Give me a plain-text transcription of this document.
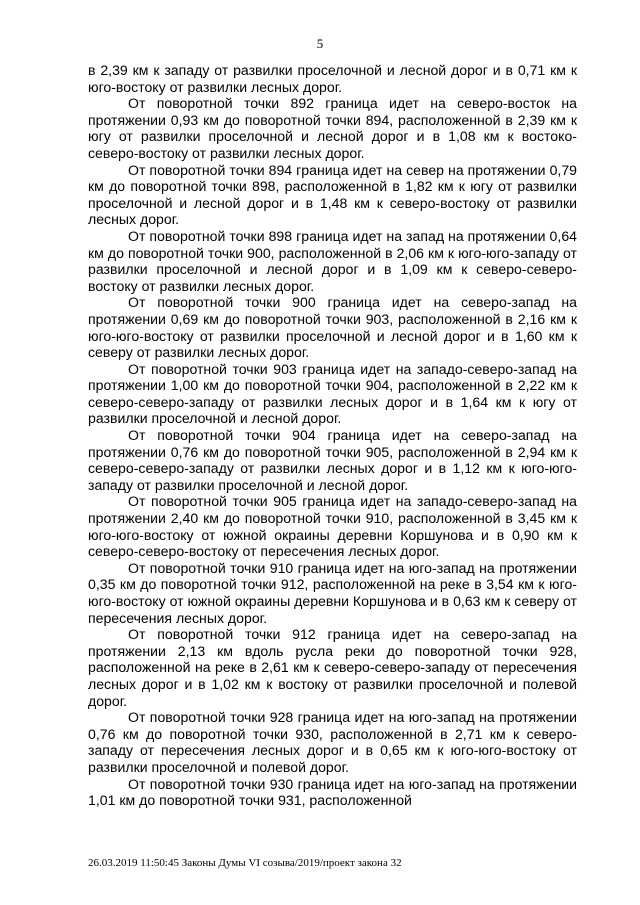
5

в 2,39 км к западу от развилки проселочной и лесной дорог и в 0,71 км к юго-востоку от развилки лесных дорог.

От поворотной точки 892 граница идет на северо-восток на протяжении 0,93 км до поворотной точки 894, расположенной в 2,39 км к югу от развилки проселочной и лесной дорог и в 1,08 км к востоко-северо-востоку от развилки лесных дорог.

От поворотной точки 894 граница идет на север на протяжении 0,79 км до поворотной точки 898, расположенной в 1,82 км к югу от развилки проселочной и лесной дорог и в 1,48 км к северо-востоку от развилки лесных дорог.

От поворотной точки 898 граница идет на запад на протяжении 0,64 км до поворотной точки 900, расположенной в 2,06 км к юго-юго-западу от развилки проселочной и лесной дорог и в 1,09 км к северо-северо-востоку от развилки лесных дорог.

От поворотной точки 900 граница идет на северо-запад на протяжении 0,69 км до поворотной точки 903, расположенной в 2,16 км к юго-юго-востоку от развилки проселочной и лесной дорог и в 1,60 км к северу от развилки лесных дорог.

От поворотной точки 903 граница идет на западо-северо-запад на протяжении 1,00 км до поворотной точки 904, расположенной в 2,22 км к северо-северо-западу от развилки лесных дорог и в 1,64 км к югу от развилки проселочной и лесной дорог.

От поворотной точки 904 граница идет на северо-запад на протяжении 0,76 км до поворотной точки 905, расположенной в 2,94 км к северо-северо-западу от развилки лесных дорог и в 1,12 км к юго-юго-западу от развилки проселочной и лесной дорог.

От поворотной точки 905 граница идет на западо-северо-запад на протяжении 2,40 км до поворотной точки 910, расположенной в 3,45 км к юго-юго-востоку от южной окраины деревни Коршунова и в 0,90 км к северо-северо-востоку от пересечения лесных дорог.

От поворотной точки 910 граница идет на юго-запад на протяжении 0,35 км до поворотной точки 912, расположенной на реке в 3,54 км к юго-юго-востоку от южной окраины деревни Коршунова и в 0,63 км к северу от пересечения лесных дорог.

От поворотной точки 912 граница идет на северо-запад на протяжении 2,13 км вдоль русла реки до поворотной точки 928, расположенной на реке в 2,61 км к северо-северо-западу от пересечения лесных дорог и в 1,02 км к востоку от развилки проселочной и полевой дорог.

От поворотной точки 928 граница идет на юго-запад на протяжении 0,76 км до поворотной точки 930, расположенной в 2,71 км к северо-западу от пересечения лесных дорог и в 0,65 км к юго-юго-востоку от развилки проселочной и полевой дорог.

От поворотной точки 930 граница идет на юго-запад на протяжении 1,01 км до поворотной точки 931, расположенной

26.03.2019 11:50:45 Законы Думы VI созыва/2019/проект закона 32
